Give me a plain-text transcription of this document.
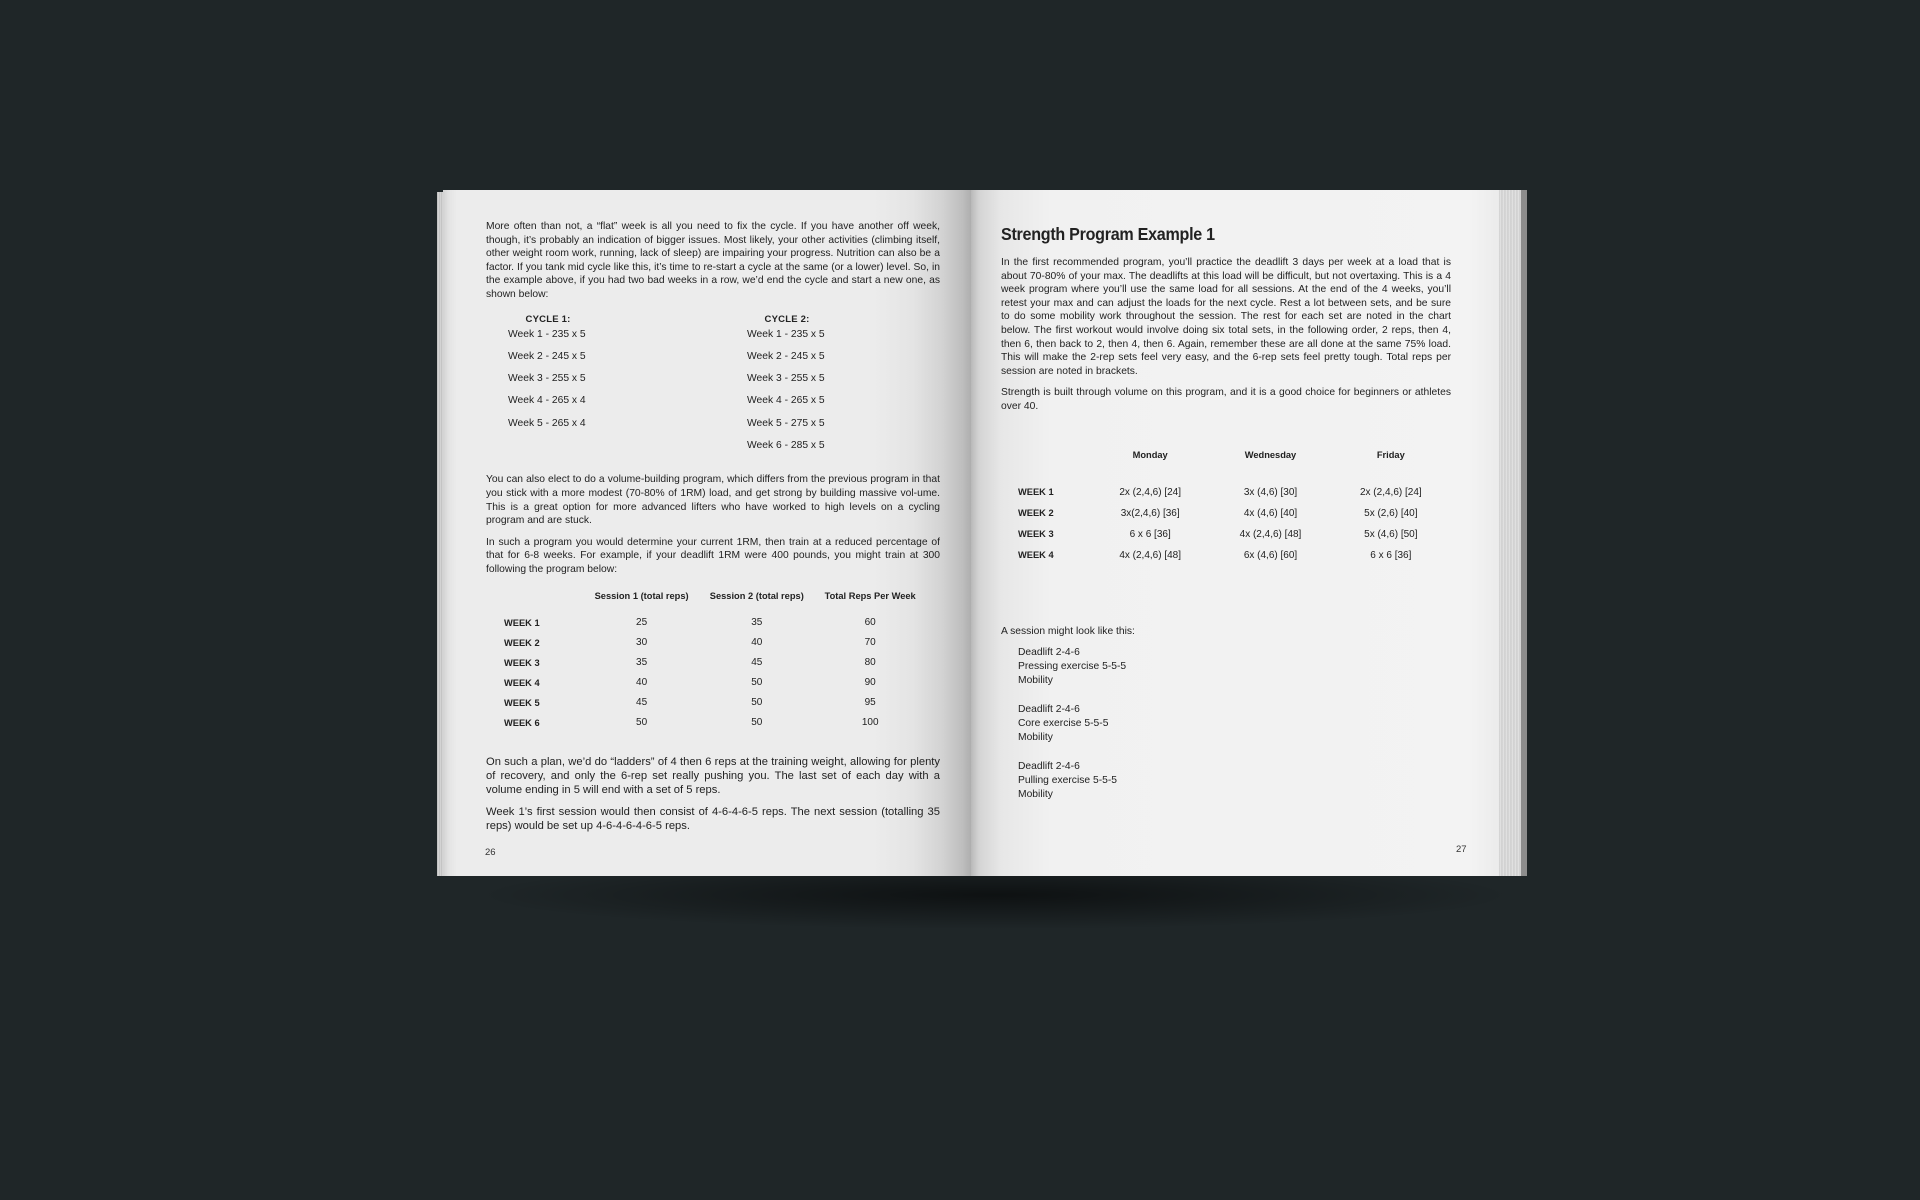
More often than not, a “flat” week is all you need to fix the cycle. If you have another off week, though, it’s probably an indication of bigger issues. Most likely, your other activities (climbing itself, other weight room work, running, lack of sleep) are impairing your progress. Nutrition can also be a factor. If you tank mid cycle like this, it’s time to re-start a cycle at the same (or a lower) level. So, in the example above, if you had two bad weeks in a row, we’d end the cycle and start a new one, as shown below:

CYCLE 1:
Week 1 - 235 x 5
Week 2 - 245 x 5
Week 3 - 255 x 5
Week 4 - 265 x 4
Week 5 - 265 x 4
CYCLE 2:
Week 1 - 235 x 5
Week 2 - 245 x 5
Week 3 - 255 x 5
Week 4 - 265 x 5
Week 5 - 275 x 5
Week 6 - 285 x 5

You can also elect to do a volume-building program, which differs from the previous program in that you stick with a more modest (70-80% of 1RM) load, and get strong by building massive vol-ume. This is a great option for more advanced lifters who have worked to high levels on a cycling program and are stuck.

In such a program you would determine your current 1RM, then train at a reduced percentage of that for 6-8 weeks. For example, if your deadlift 1RM were 400 pounds, you might train at 300 following the program below:

	Session 1 (total reps)	Session 2 (total reps)	Total Reps Per Week
WEEK 1	25	35	60
WEEK 2	30	40	70
WEEK 3	35	45	80
WEEK 4	40	50	90
WEEK 5	45	50	95
WEEK 6	50	50	100

On such a plan, we’d do “ladders” of 4 then 6 reps at the training weight, allowing for plenty of recovery, and only the 6-rep set really pushing you. The last set of each day with a volume ending in 5 will end with a set of 5 reps.

Week 1’s first session would then consist of 4-6-4-6-5 reps. The next session (totalling 35 reps) would be set up 4-6-4-6-4-6-5 reps.

26
Strength Program Example 1

In the first recommended program, you’ll practice the deadlift 3 days per week at a load that is about 70-80% of your max. The deadlifts at this load will be difficult, but not overtaxing. This is a 4 week program where you’ll use the same load for all sessions. At the end of the 4 weeks, you’ll retest your max and can adjust the loads for the next cycle. Rest a lot between sets, and be sure to do some mobility work throughout the session. The rest for each set are noted in the chart below. The first workout would involve doing six total sets, in the following order, 2 reps, then 4, then 6, then back to 2, then 4, then 6. Again, remember these are all done at the same 75% load. This will make the 2-rep sets feel very easy, and the 6-rep sets feel pretty tough. Total reps per session are noted in brackets.

Strength is built through volume on this program, and it is a good choice for beginners or athletes over 40.

	Monday	Wednesday	Friday
WEEK 1	2x (2,4,6) [24]	3x (4,6) [30]	2x (2,4,6) [24]
WEEK 2	3x(2,4,6) [36]	4x (4,6) [40]	5x (2,6) [40]
WEEK 3	6 x 6 [36]	4x (2,4,6) [48]	5x (4,6) [50]
WEEK 4	4x (2,4,6) [48]	6x (4,6) [60]	6 x 6 [36]
A session might look like this:
Deadlift 2-4-6
Pressing exercise 5-5-5
Mobility
Deadlift 2-4-6
Core exercise 5-5-5
Mobility
Deadlift 2-4-6
Pulling exercise 5-5-5
Mobility
27
